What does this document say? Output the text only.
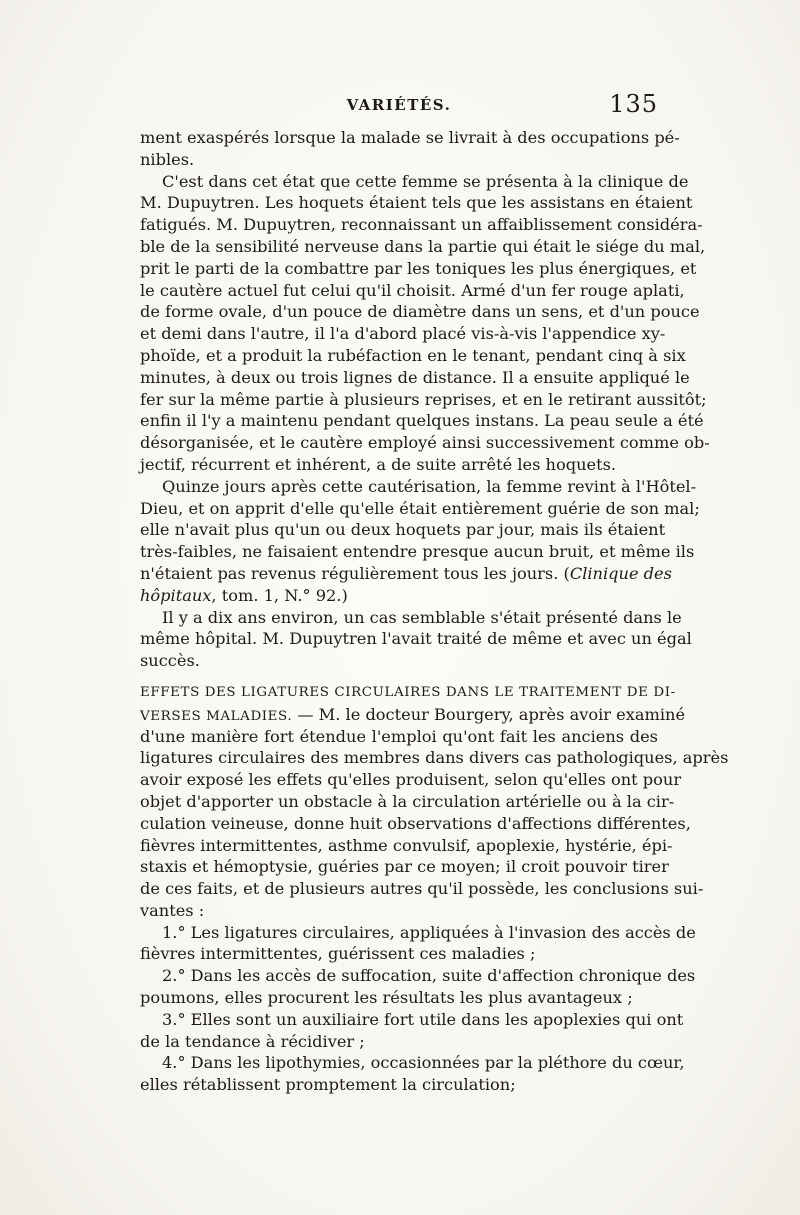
VARIÉTÉS.	135
ment exaspérés lorsque la malade se livrait à des occupations pé-
nibles.
C'est dans cet état que cette femme se présenta à la clinique de
M. Dupuytren. Les hoquets étaient tels que les assistans en étaient
fatigués. M. Dupuytren, reconnaissant un affaiblissement considéra-
ble de la sensibilité nerveuse dans la partie qui était le siége du mal,
prit le parti de la combattre par les toniques les plus énergiques, et
le cautère actuel fut celui qu'il choisit. Armé d'un fer rouge aplati,
de forme ovale, d'un pouce de diamètre dans un sens, et d'un pouce
et demi dans l'autre, il l'a d'abord placé vis-à-vis l'appendice xy-
phoïde, et a produit la rubéfaction en le tenant, pendant cinq à six
minutes, à deux ou trois lignes de distance. Il a ensuite appliqué le
fer sur la même partie à plusieurs reprises, et en le retirant aussitôt;
enfin il l'y a maintenu pendant quelques instans. La peau seule a été
désorganisée, et le cautère employé ainsi successivement comme ob-
jectif, récurrent et inhérent, a de suite arrêté les hoquets.
Quinze jours après cette cautérisation, la femme revint à l'Hôtel-
Dieu, et on apprit d'elle qu'elle était entièrement guérie de son mal;
elle n'avait plus qu'un ou deux hoquets par jour, mais ils étaient
très-faibles, ne faisaient entendre presque aucun bruit, et même ils
n'étaient pas revenus régulièrement tous les jours. (Clinique des
hôpitaux, tom. 1, N.° 92.)
Il y a dix ans environ, un cas semblable s'était présenté dans le
même hôpital. M. Dupuytren l'avait traité de même et avec un égal
succès.
EFFETS DES LIGATURES CIRCULAIRES DANS LE TRAITEMENT DE DI-
VERSES MALADIES. — M. le docteur Bourgery, après avoir examiné
d'une manière fort étendue l'emploi qu'ont fait les anciens des
ligatures circulaires des membres dans divers cas pathologiques, après
avoir exposé les effets qu'elles produisent, selon qu'elles ont pour
objet d'apporter un obstacle à la circulation artérielle ou à la cir-
culation veineuse, donne huit observations d'affections différentes,
fièvres intermittentes, asthme convulsif, apoplexie, hystérie, épi-
staxis et hémoptysie, guéries par ce moyen; il croit pouvoir tirer
de ces faits, et de plusieurs autres qu'il possède, les conclusions sui-
vantes :
1.° Les ligatures circulaires, appliquées à l'invasion des accès de
fièvres intermittentes, guérissent ces maladies ;
2.° Dans les accès de suffocation, suite d'affection chronique des
poumons, elles procurent les résultats les plus avantageux ;
3.° Elles sont un auxiliaire fort utile dans les apoplexies qui ont
de la tendance à récidiver ;
4.° Dans les lipothymies, occasionnées par la pléthore du cœur,
elles rétablissent promptement la circulation;
